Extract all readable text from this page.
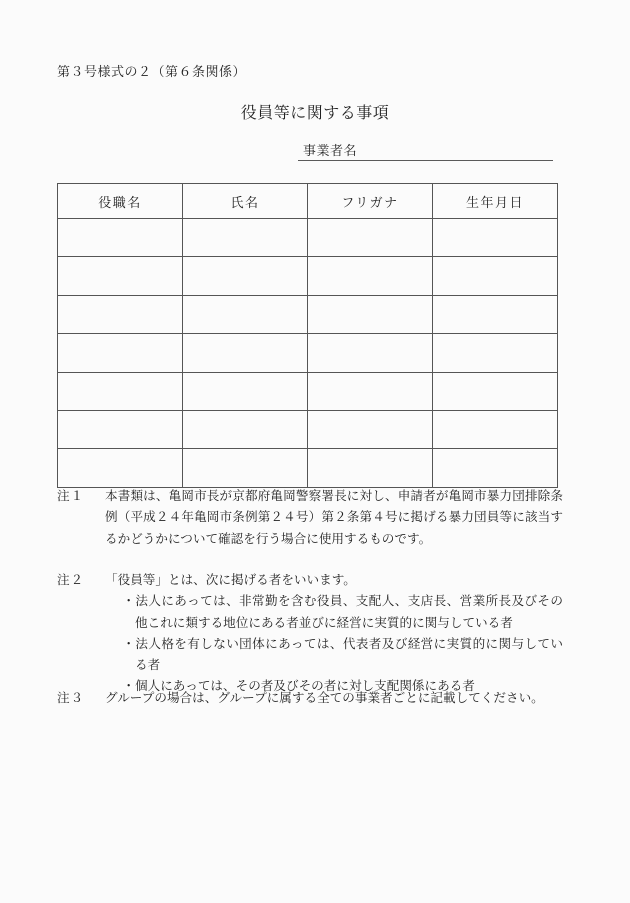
第３号様式の２（第６条関係）
役員等に関する事項
事業者名
役職名	氏名	フリガナ	生年月日

注１	本書類は、亀岡市長が京都府亀岡警察署長に対し、申請者が亀岡市暴力団排除条例（平成２４年亀岡市条例第２４号）第２条第４号に掲げる暴力団員等に該当するかどうかについて確認を行う場合に使用するものです。
注２	「役員等」とは、次に掲げる者をいいます。
・法人にあっては、非常勤を含む役員、支配人、支店長、営業所長及びその他これに類する地位にある者並びに経営に実質的に関与している者
・法人格を有しない団体にあっては、代表者及び経営に実質的に関与している者
・個人にあっては、その者及びその者に対し支配関係にある者
注３	グループの場合は、グループに属する全ての事業者ごとに記載してください。
